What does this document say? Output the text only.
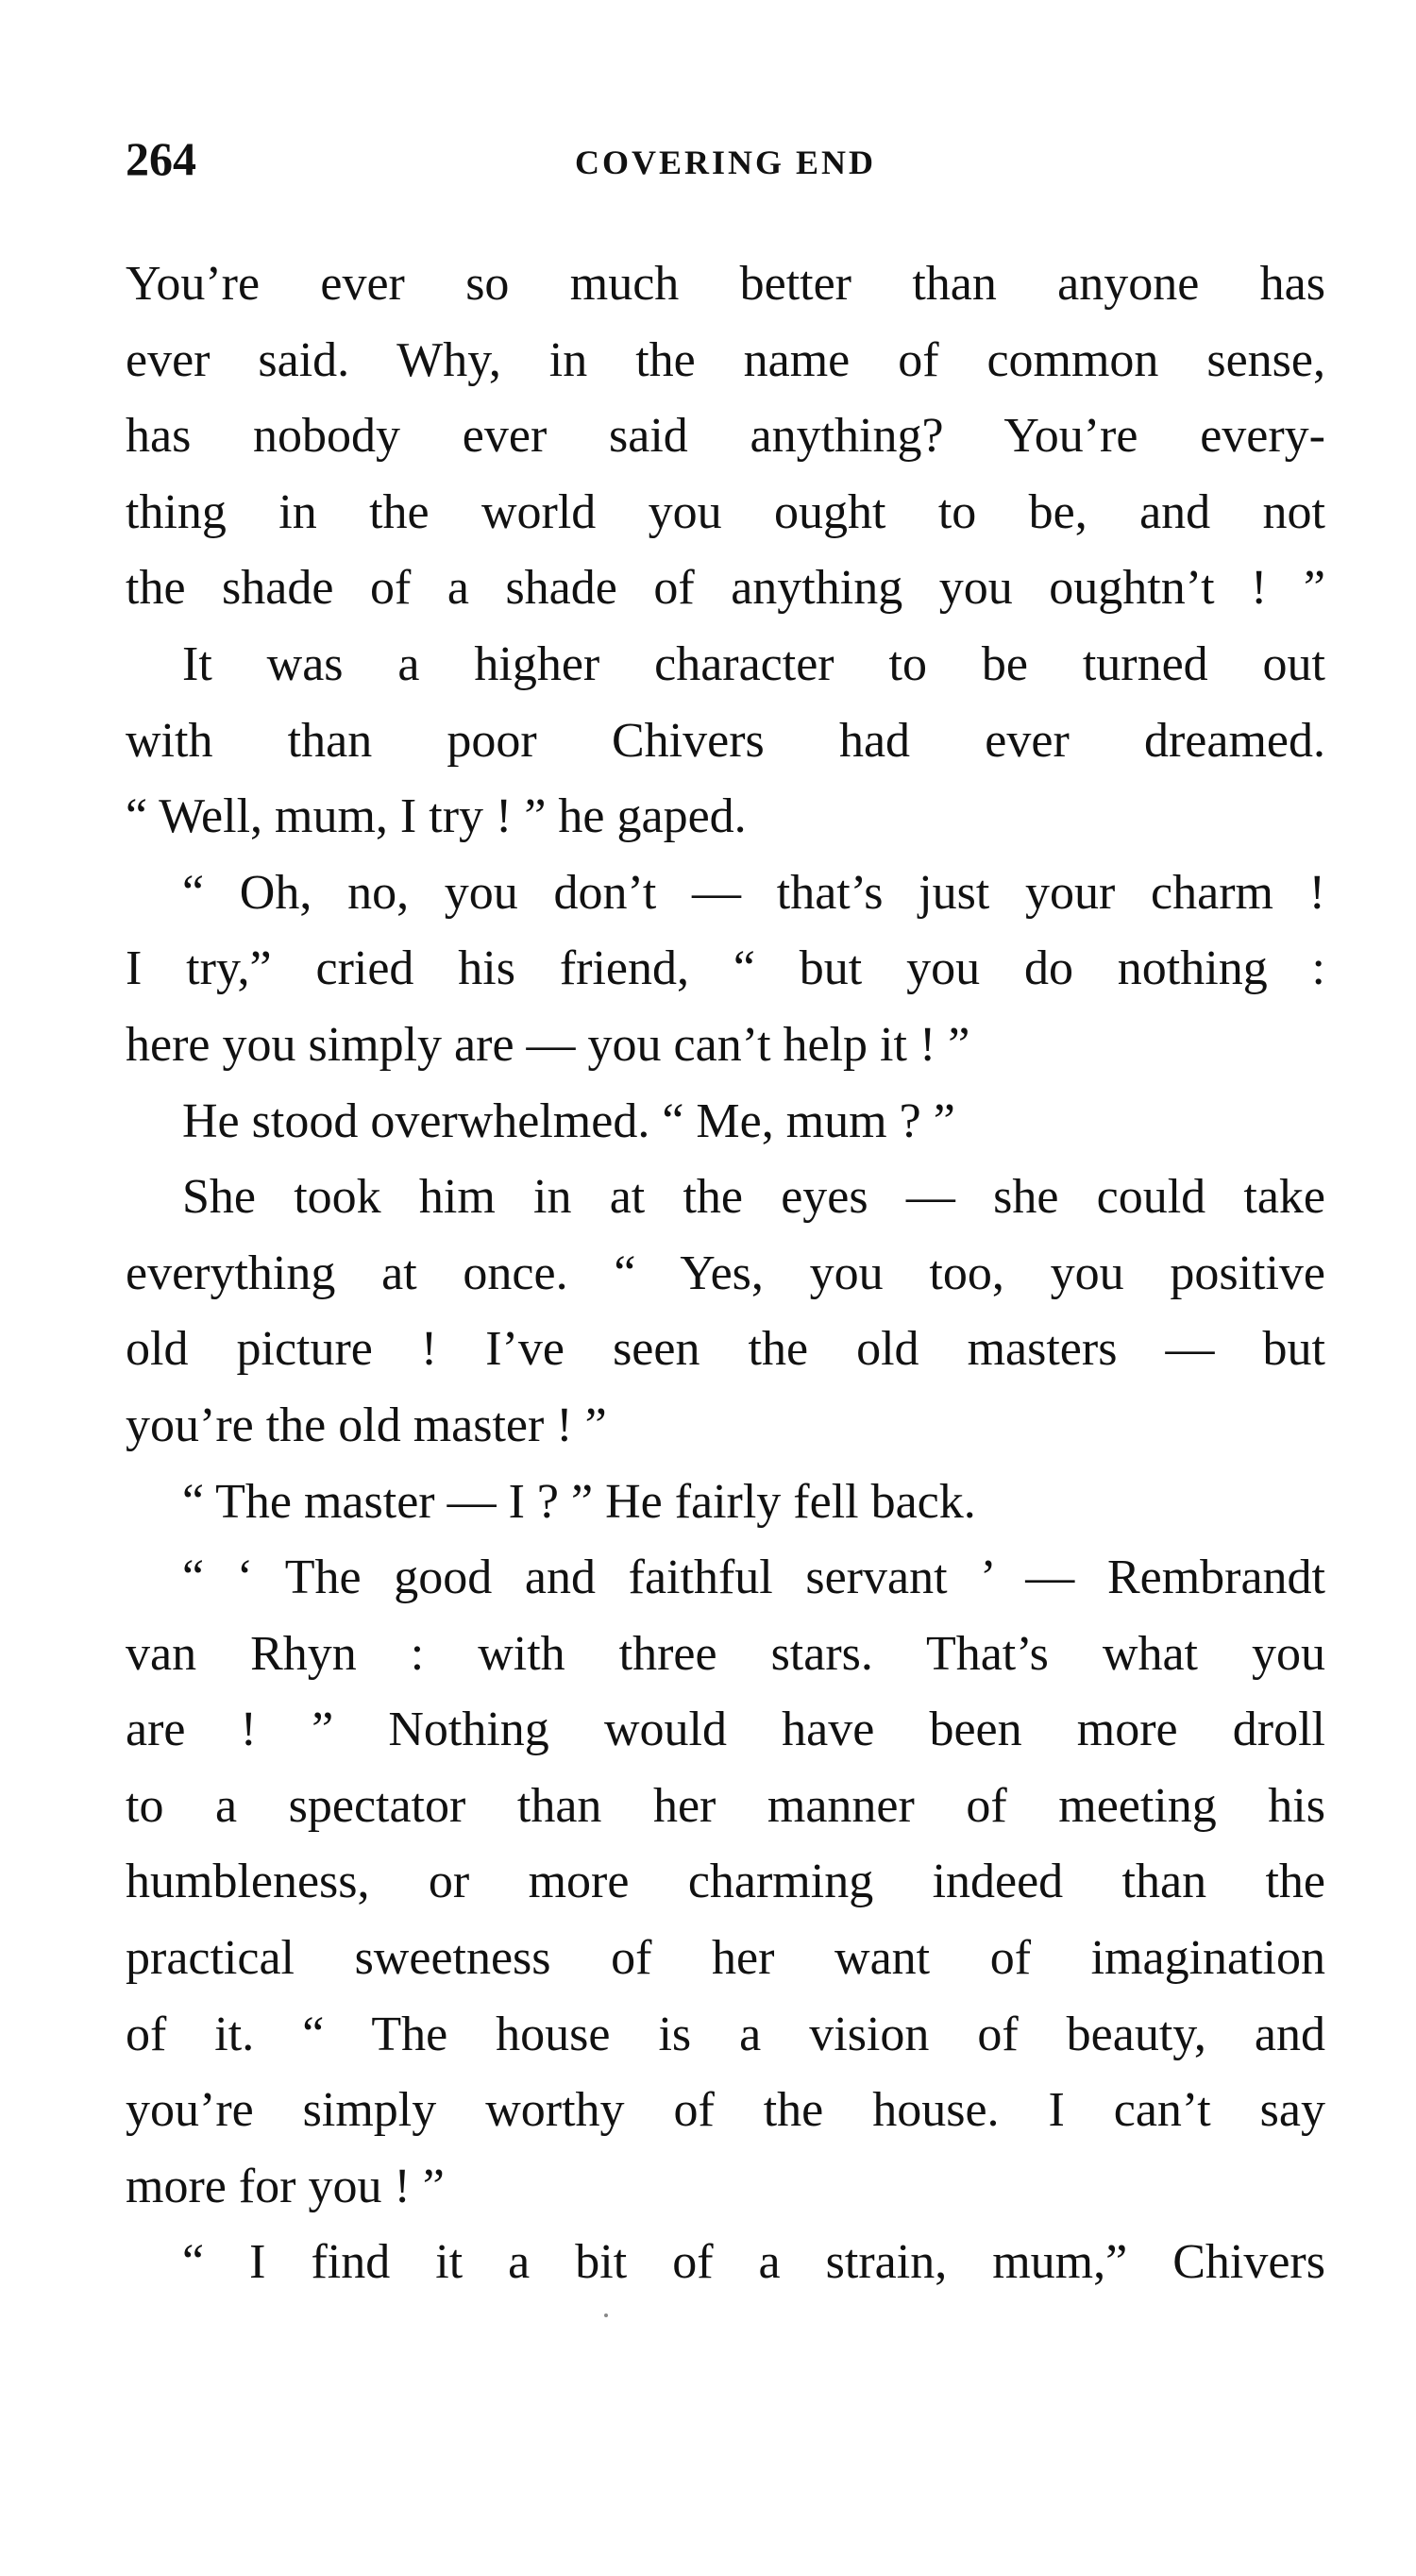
264	COVERING END
You’re ever so much better than anyone has
ever said. Why, in the name of common sense,
has nobody ever said anything? You’re every-
thing in the world you ought to be, and not
the shade of a shade of anything you oughtn’t ! ”
It was a higher character to be turned out
with than poor Chivers had ever dreamed.
“ Well, mum, I try ! ” he gaped.
“ Oh, no, you don’t — that’s just your charm !
I try,” cried his friend, “ but you do nothing :
here you simply are — you can’t help it ! ”
He stood overwhelmed. “ Me, mum ? ”
She took him in at the eyes — she could take
everything at once. “ Yes, you too, you positive
old picture ! I’ve seen the old masters — but
you’re the old master ! ”
“ The master — I ? ” He fairly fell back.
“ ‘ The good and faithful servant ’ — Rembrandt
van Rhyn : with three stars. That’s what you
are ! ” Nothing would have been more droll
to a spectator than her manner of meeting his
humbleness, or more charming indeed than the
practical sweetness of her want of imagination
of it. “ The house is a vision of beauty, and
you’re simply worthy of the house. I can’t say
more for you ! ”
“ I find it a bit of a strain, mum,” Chivers
